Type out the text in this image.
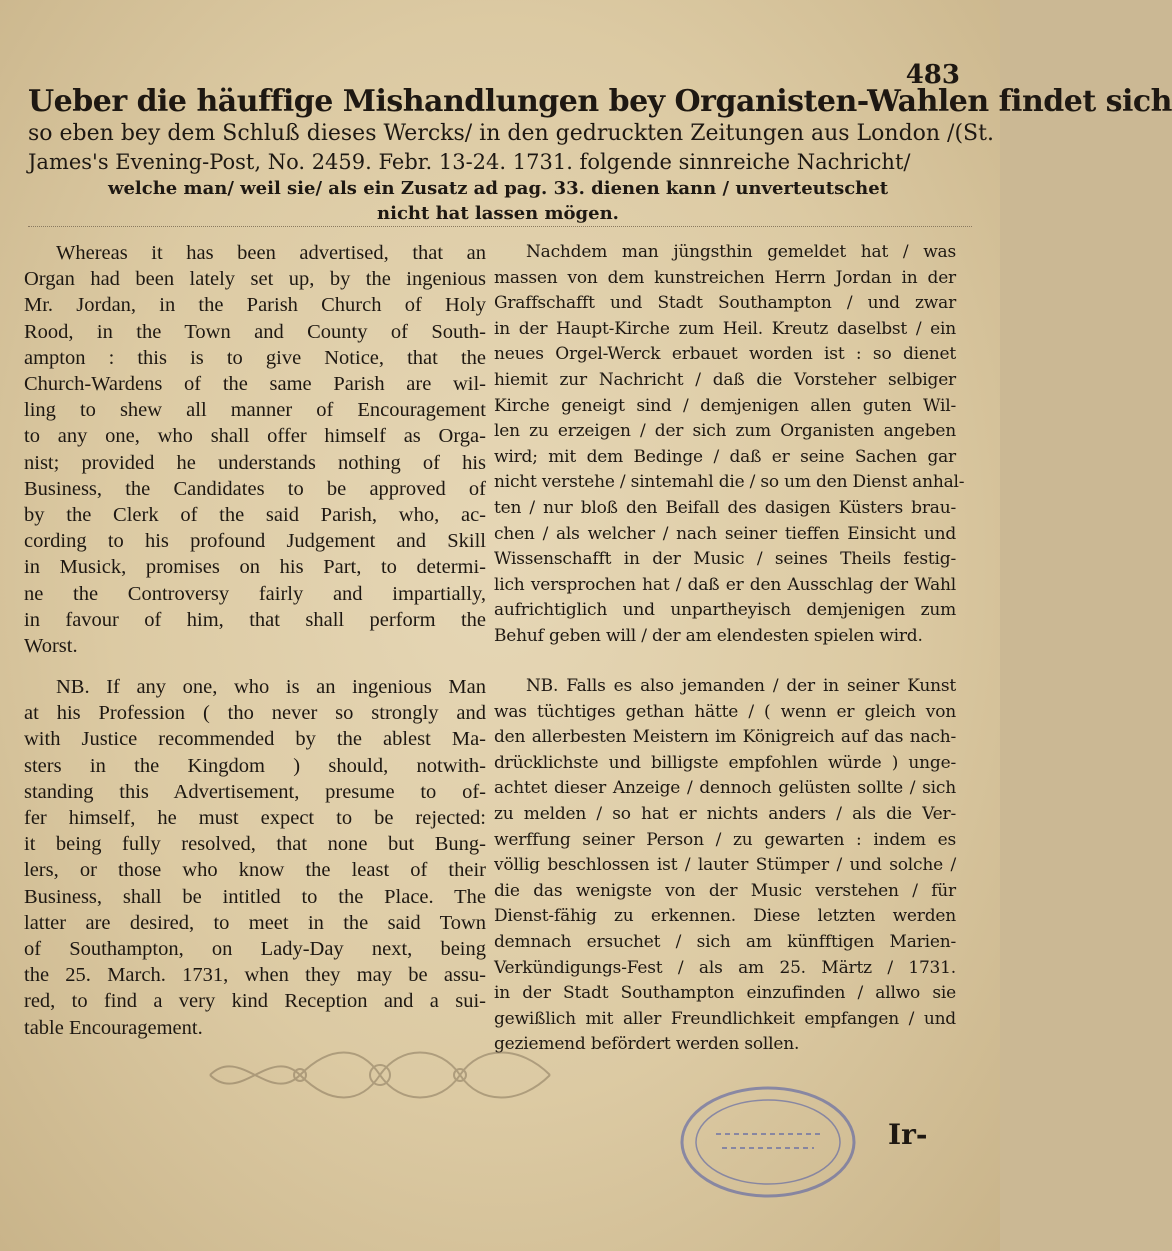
483
Ueber die häuffige Mishandlungen bey Organisten-Wahlen findet sich
so eben bey dem Schluß dieses Wercks/ in den gedruckten Zeitungen aus London /(St.
James's Evening-Post, No. 2459. Febr. 13-24. 1731. folgende sinnreiche Nachricht/
welche man/ weil sie/ als ein Zusatz ad pag. 33. dienen kann / unverteutschet
nicht hat lassen mögen.
Whereas it has been advertised, that an
Organ had been lately set up, by the ingenious
Mr. Jordan, in the Parish Church of Holy
Rood, in the Town and County of South-
ampton : this is to give Notice, that the
Church-Wardens of the same Parish are wil-
ling to shew all manner of Encouragement
to any one, who shall offer himself as Orga-
nist; provided he understands nothing of his
Business, the Candidates to be approved of
by the Clerk of the said Parish, who, ac-
cording to his profound Judgement and Skill
in Musick, promises on his Part, to determi-
ne the Controversy fairly and impartially,
in favour of him, that shall perform the
Worst.
NB. If any one, who is an ingenious Man
at his Profession ( tho never so strongly and
with Justice recommended by the ablest Ma-
sters in the Kingdom ) should, notwith-
standing this Advertisement, presume to of-
fer himself, he must expect to be rejected:
it being fully resolved, that none but Bung-
lers, or those who know the least of their
Business, shall be intitled to the Place. The
latter are desired, to meet in the said Town
of Southampton, on Lady-Day next, being
the 25. March. 1731, when they may be assu-
red, to find a very kind Reception and a sui-
table Encouragement.
Nachdem man jüngsthin gemeldet hat / was
massen von dem kunstreichen Herrn Jordan in der
Graffschafft und Stadt Southampton / und zwar
in der Haupt-Kirche zum Heil. Kreutz daselbst / ein
neues Orgel-Werck erbauet worden ist : so dienet
hiemit zur Nachricht / daß die Vorsteher selbiger
Kirche geneigt sind / demjenigen allen guten Wil-
len zu erzeigen / der sich zum Organisten angeben
wird; mit dem Bedinge / daß er seine Sachen gar
nicht verstehe / sintemahl die / so um den Dienst anhal-
ten / nur bloß den Beifall des dasigen Küsters brau-
chen / als welcher / nach seiner tieffen Einsicht und
Wissenschafft in der Music / seines Theils festig-
lich versprochen hat / daß er den Ausschlag der Wahl
aufrichtiglich und unpartheyisch demjenigen zum
Behuf geben will / der am elendesten spielen wird.
NB. Falls es also jemanden / der in seiner Kunst
was tüchtiges gethan hätte / ( wenn er gleich von
den allerbesten Meistern im Königreich auf das nach-
drücklichste und billigste empfohlen würde ) unge-
achtet dieser Anzeige / dennoch gelüsten sollte / sich
zu melden / so hat er nichts anders / als die Ver-
werffung seiner Person / zu gewarten : indem es
völlig beschlossen ist / lauter Stümper / und solche /
die das wenigste von der Music verstehen / für
Dienst-fähig zu erkennen. Diese letzten werden
demnach ersuchet / sich am künfftigen Marien-
Verkündigungs-Fest / als am 25. Märtz / 1731.
in der Stadt Southampton einzufinden / allwo sie
gewißlich mit aller Freundlichkeit empfangen / und
geziemend befördert werden sollen.
Ir-
